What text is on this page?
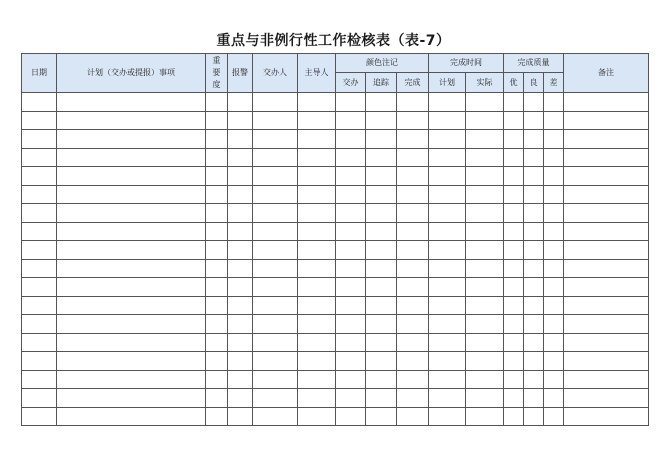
重点与非例行性工作检核表（表-7）
日期	计划（交办或提报）事项	重 要 度	报警	交办人	主导人	颜色注记			完成时间		完成质量			备注
						交办	追踪	完成	计划	实际	优	良	差	
